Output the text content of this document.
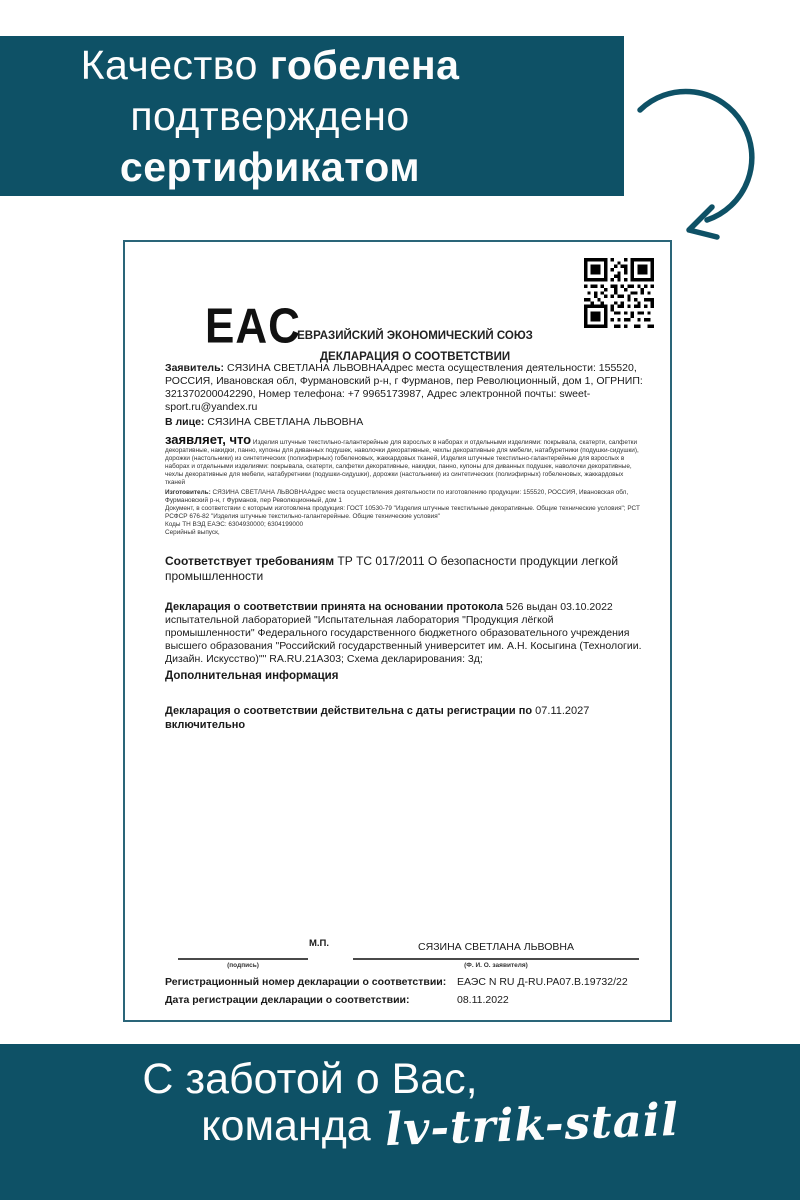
Качество гобелена
подтверждено
сертификатом
EAC
ЕВРАЗИЙСКИЙ ЭКОНОМИЧЕСКИЙ СОЮЗ
ДЕКЛАРАЦИЯ О СООТВЕТСТВИИ

Заявитель: СЯЗИНА СВЕТЛАНА ЛЬВОВНААдрес места осуществления деятельности: 155520, РОССИЯ, Ивановская обл, Фурмановский р-н, г Фурманов, пер Революционный, дом 1, ОГРНИП: 321370200042290, Номер телефона: +7 9965173987, Адрес электронной почты: sweet-sport.ru@yandex.ru

В лице: СЯЗИНА СВЕТЛАНА ЛЬВОВНА

заявляет, что Изделия штучные текстильно-галантерейные для взрослых в наборах и отдельными изделиями: покрывала, скатерти, салфетки декоративные, накидки, панно, купоны для диванных подушек, наволочки декоративные, чехлы декоративные для мебели, натабуретники (подушки-сидушки), дорожки (настольники) из синтетических (полиэфирных) гобеленовых, жаккардовых тканей, Изделия штучные текстильно-галантерейные для взрослых в наборах и отдельными изделиями: покрывала, скатерти, салфетки декоративные, накидки, панно, купоны для диванных подушек, наволочки декоративные, чехлы декоративные для мебели, натабуретники (подушки-сидушки), дорожки (настольники) из синтетических (полиэфирных) гобеленовых, жаккардовых тканей

Изготовитель: СЯЗИНА СВЕТЛАНА ЛЬВОВНААдрес места осуществления деятельности по изготовлению продукции: 155520, РОССИЯ, Ивановская обл, Фурмановский р-н, г Фурманов, пер Революционный, дом 1

Документ, в соответствии с которым изготовлена продукция: ГОСТ 10530-79 "Изделия штучные текстильные декоративные. Общие технические условия"; РСТ РСФСР 676-82 "Изделия штучные текстильно-галантерейные. Общие технические условия"

Коды ТН ВЭД ЕАЭС: 6304930000; 6304199000

Серийный выпуск,

Соответствует требованиям ТР ТС 017/2011 О безопасности продукции легкой промышленности

Декларация о соответствии принята на основании протокола 526 выдан 03.10.2022 испытательной лабораторией "Испытательная лаборатория "Продукция лёгкой промышленности" Федерального государственного бюджетного образовательного учреждения высшего образования "Российский государственный университет им. А.Н. Косыгина (Технологии. Дизайн. Искусство)"" RA.RU.21А303; Схема декларирования: 3д;

Дополнительная информация

Декларация о соответствии действительна с даты регистрации по 07.11.2027
включительно

М.П.	СЯЗИНА СВЕТЛАНА ЛЬВОВНА
(подпись)	(Ф. И. О. заявителя)
Регистрационный номер декларации о соответствии: ЕАЭС N RU Д-RU.РА07.В.19732/22
Дата регистрации декларации о соответствии:	08.11.2022
С заботой о Вас,
команда lv-trik-stail
